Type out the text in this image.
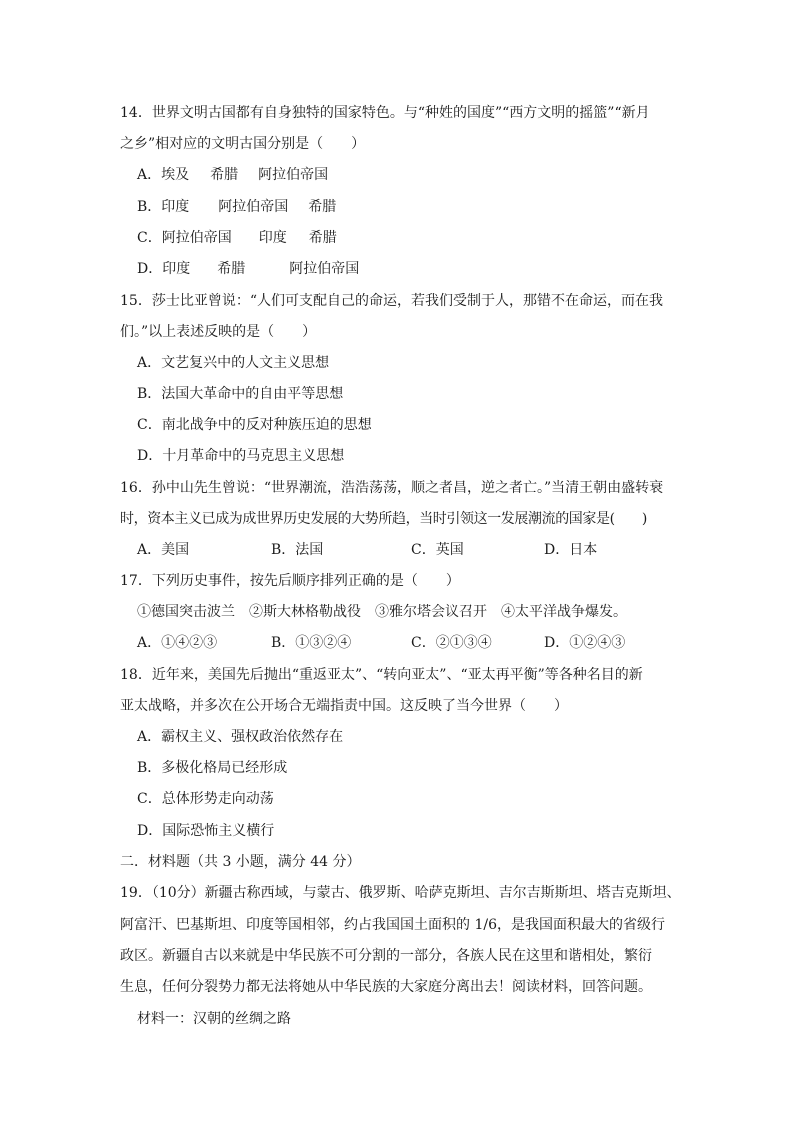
14．世界文明古国都有自身独特的国家特色。与“种姓的国度”“西方文明的摇篮”“新月
之乡”相对应的文明古国分别是（　　）
A．埃及 希腊 阿拉伯帝国
B．印度 阿拉伯帝国 希腊
C．阿拉伯帝国 印度 希腊
D．印度 希腊	阿拉伯帝国
15．莎士比亚曾说：“人们可支配自己的命运，若我们受制于人，那错不在命运，而在我
们。”以上表述反映的是（　　）
A．文艺复兴中的人文主义思想
B．法国大革命中的自由平等思想
C．南北战争中的反对种族压迫的思想
D．十月革命中的马克思主义思想
16．孙中山先生曾说：“世界潮流，浩浩荡荡，顺之者昌，逆之者亡。”当清王朝由盛转衰
时，资本主义已成为成世界历史发展的大势所趋，当时引领这一发展潮流的国家是(　　)
A．美国	B．法国	C．英国	D．日本
17．下列历史事件，按先后顺序排列正确的是（　　）
①德国突击波兰　②斯大林格勒战役　③雅尔塔会议召开　④太平洋战争爆发。
A．①④②③	B．①③②④	C．②①③④	D．①②④③
18．近年来，美国先后抛出“重返亚太”、“转向亚太”、“亚太再平衡”等各种名目的新
亚太战略，并多次在公开场合无端指责中国。这反映了当今世界（　　）
A．霸权主义、强权政治依然存在
B．多极化格局已经形成
C．总体形势走向动荡
D．国际恐怖主义横行
二．材料题（共 3 小题，满分 44 分）
19．（10分）新疆古称西域，与蒙古、俄罗斯、哈萨克斯坦、吉尔吉斯斯坦、塔吉克斯坦、
阿富汗、巴基斯坦、印度等国相邻，约占我国国土面积的 1/6，是我国面积最大的省级行
政区。新疆自古以来就是中华民族不可分割的一部分，各族人民在这里和谐相处，繁衍
生息，任何分裂势力都无法将她从中华民族的大家庭分离出去！阅读材料，回答问题。
材料一：汉朝的丝绸之路
